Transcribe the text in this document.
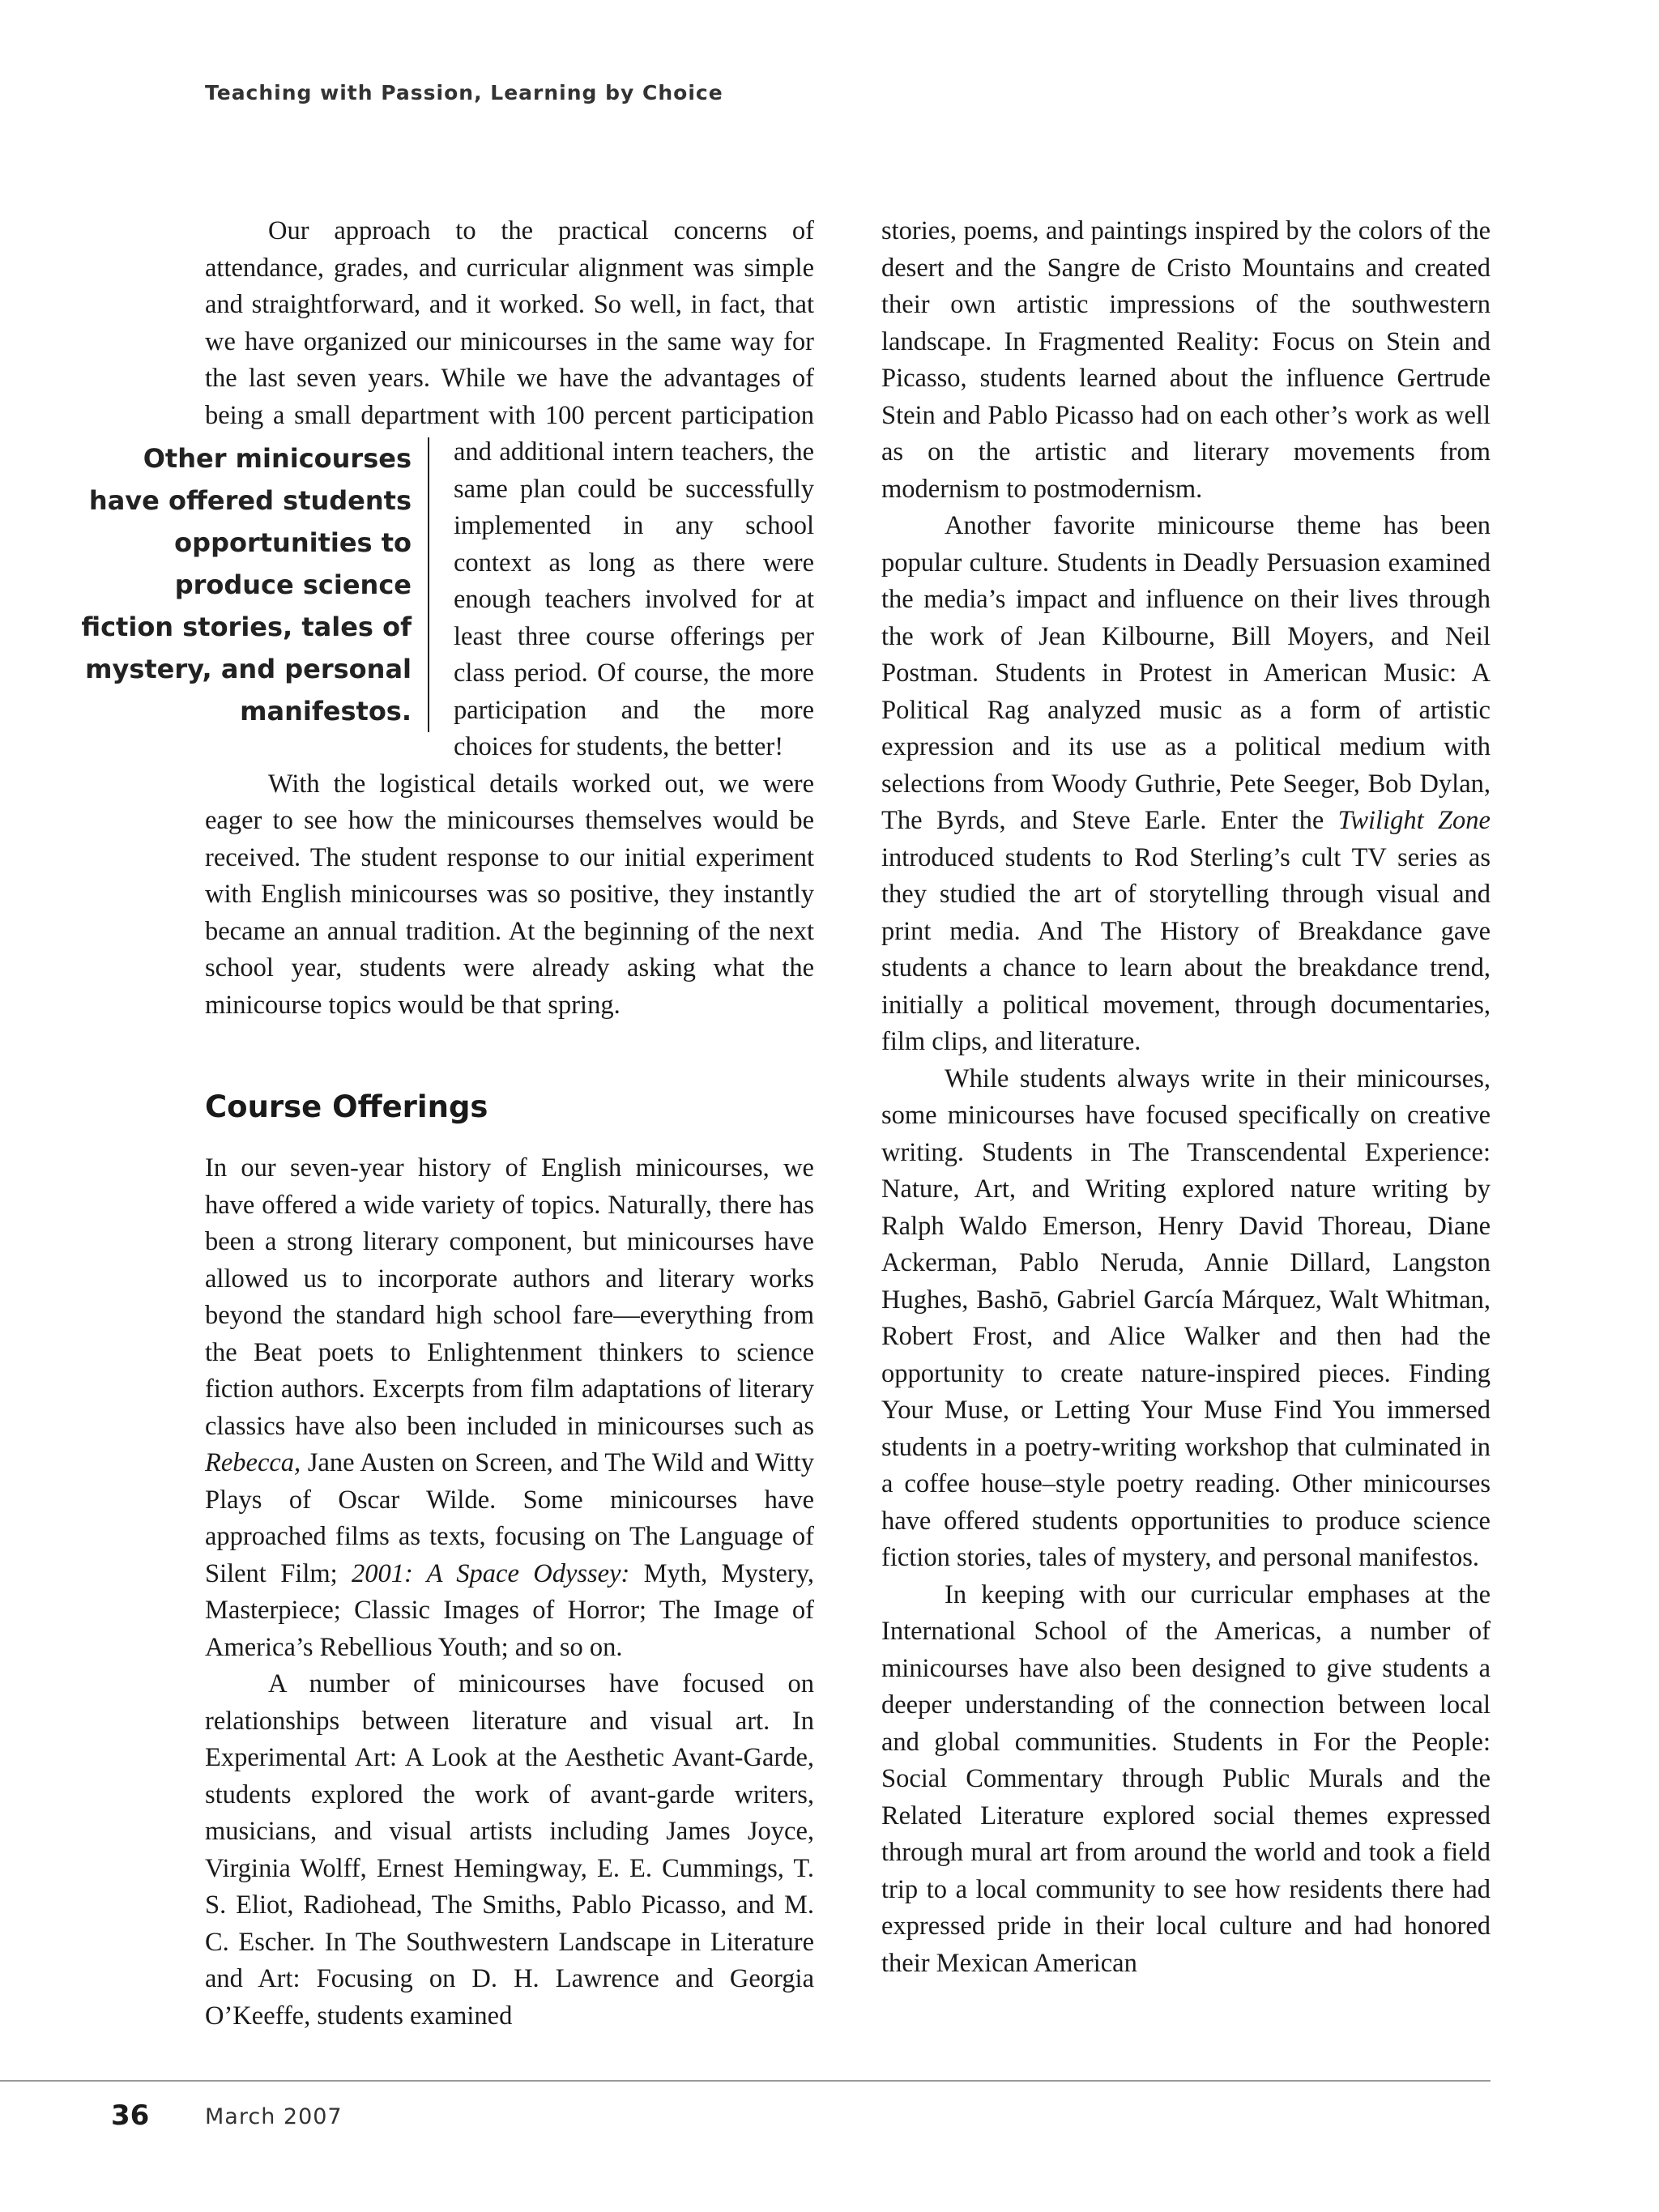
Teaching with Passion, Learning by Choice

Our approach to the practical concerns of attendance, grades, and curricular alignment was simple and straightforward, and it worked. So well, in fact, that we have organized our minicourses in the same way for the last seven years. While we have the advantages of being a small department with 100 percent
Other minicourses have offered students opportunities to produce science fiction stories, tales of mystery, and personal manifestos.
participation and additional intern teachers, the same plan could be successfully implemented in any school context as long as there were enough teachers involved for at least three course offerings per class period. Of course, the more participation and the more choices for students, the better!

With the logistical details worked out, we were eager to see how the minicourses themselves would be received. The student response to our initial experiment with English minicourses was so positive, they instantly became an annual tradition. At the beginning of the next school year, students were already asking what the minicourse topics would be that spring.

Course Offerings

In our seven-year history of English minicourses, we have offered a wide variety of topics. Naturally, there has been a strong literary component, but minicourses have allowed us to incorporate authors and literary works beyond the standard high school fare—everything from the Beat poets to Enlightenment thinkers to science fiction authors. Excerpts from film adaptations of literary classics have also been included in minicourses such as Rebecca, Jane Austen on Screen, and The Wild and Witty Plays of Oscar Wilde. Some minicourses have approached films as texts, focusing on The Language of Silent Film; 2001: A Space Odyssey: Myth, Mystery, Masterpiece; Classic Images of Horror; The Image of America’s Rebellious Youth; and so on.

A number of minicourses have focused on relationships between literature and visual art. In Experimental Art: A Look at the Aesthetic Avant-Garde, students explored the work of avant-garde writers, musicians, and visual artists including James Joyce, Virginia Wolff, Ernest Hemingway, E. E. Cummings, T. S. Eliot, Radiohead, The Smiths, Pablo Picasso, and M. C. Escher. In The Southwestern Landscape in Literature and Art: Focusing on D. H. Lawrence and Georgia O’Keeffe, students examined

stories, poems, and paintings inspired by the colors of the desert and the Sangre de Cristo Mountains and created their own artistic impressions of the southwestern landscape. In Fragmented Reality: Focus on Stein and Picasso, students learned about the influence Gertrude Stein and Pablo Picasso had on each other’s work as well as on the artistic and literary movements from modernism to postmodernism.

Another favorite minicourse theme has been popular culture. Students in Deadly Persuasion examined the media’s impact and influence on their lives through the work of Jean Kilbourne, Bill Moyers, and Neil Postman. Students in Protest in American Music: A Political Rag analyzed music as a form of artistic expression and its use as a political medium with selections from Woody Guthrie, Pete Seeger, Bob Dylan, The Byrds, and Steve Earle. Enter the Twilight Zone introduced students to Rod Sterling’s cult TV series as they studied the art of storytelling through visual and print media. And The History of Breakdance gave students a chance to learn about the breakdance trend, initially a political movement, through documentaries, film clips, and literature.

While students always write in their minicourses, some minicourses have focused specifically on creative writing. Students in The Transcendental Experience: Nature, Art, and Writing explored nature writing by Ralph Waldo Emerson, Henry David Thoreau, Diane Ackerman, Pablo Neruda, Annie Dillard, Langston Hughes, Bashō, Gabriel García Márquez, Walt Whitman, Robert Frost, and Alice Walker and then had the opportunity to create nature-inspired pieces. Finding Your Muse, or Letting Your Muse Find You immersed students in a poetry-writing workshop that culminated in a coffee house–style poetry reading. Other minicourses have offered students opportunities to produce science fiction stories, tales of mystery, and personal manifestos.

In keeping with our curricular emphases at the International School of the Americas, a number of minicourses have also been designed to give students a deeper understanding of the connection between local and global communities. Students in For the People: Social Commentary through Public Murals and the Related Literature explored social themes expressed through mural art from around the world and took a field trip to a local community to see how residents there had expressed pride in their local culture and had honored their Mexican American

36	March 2007
